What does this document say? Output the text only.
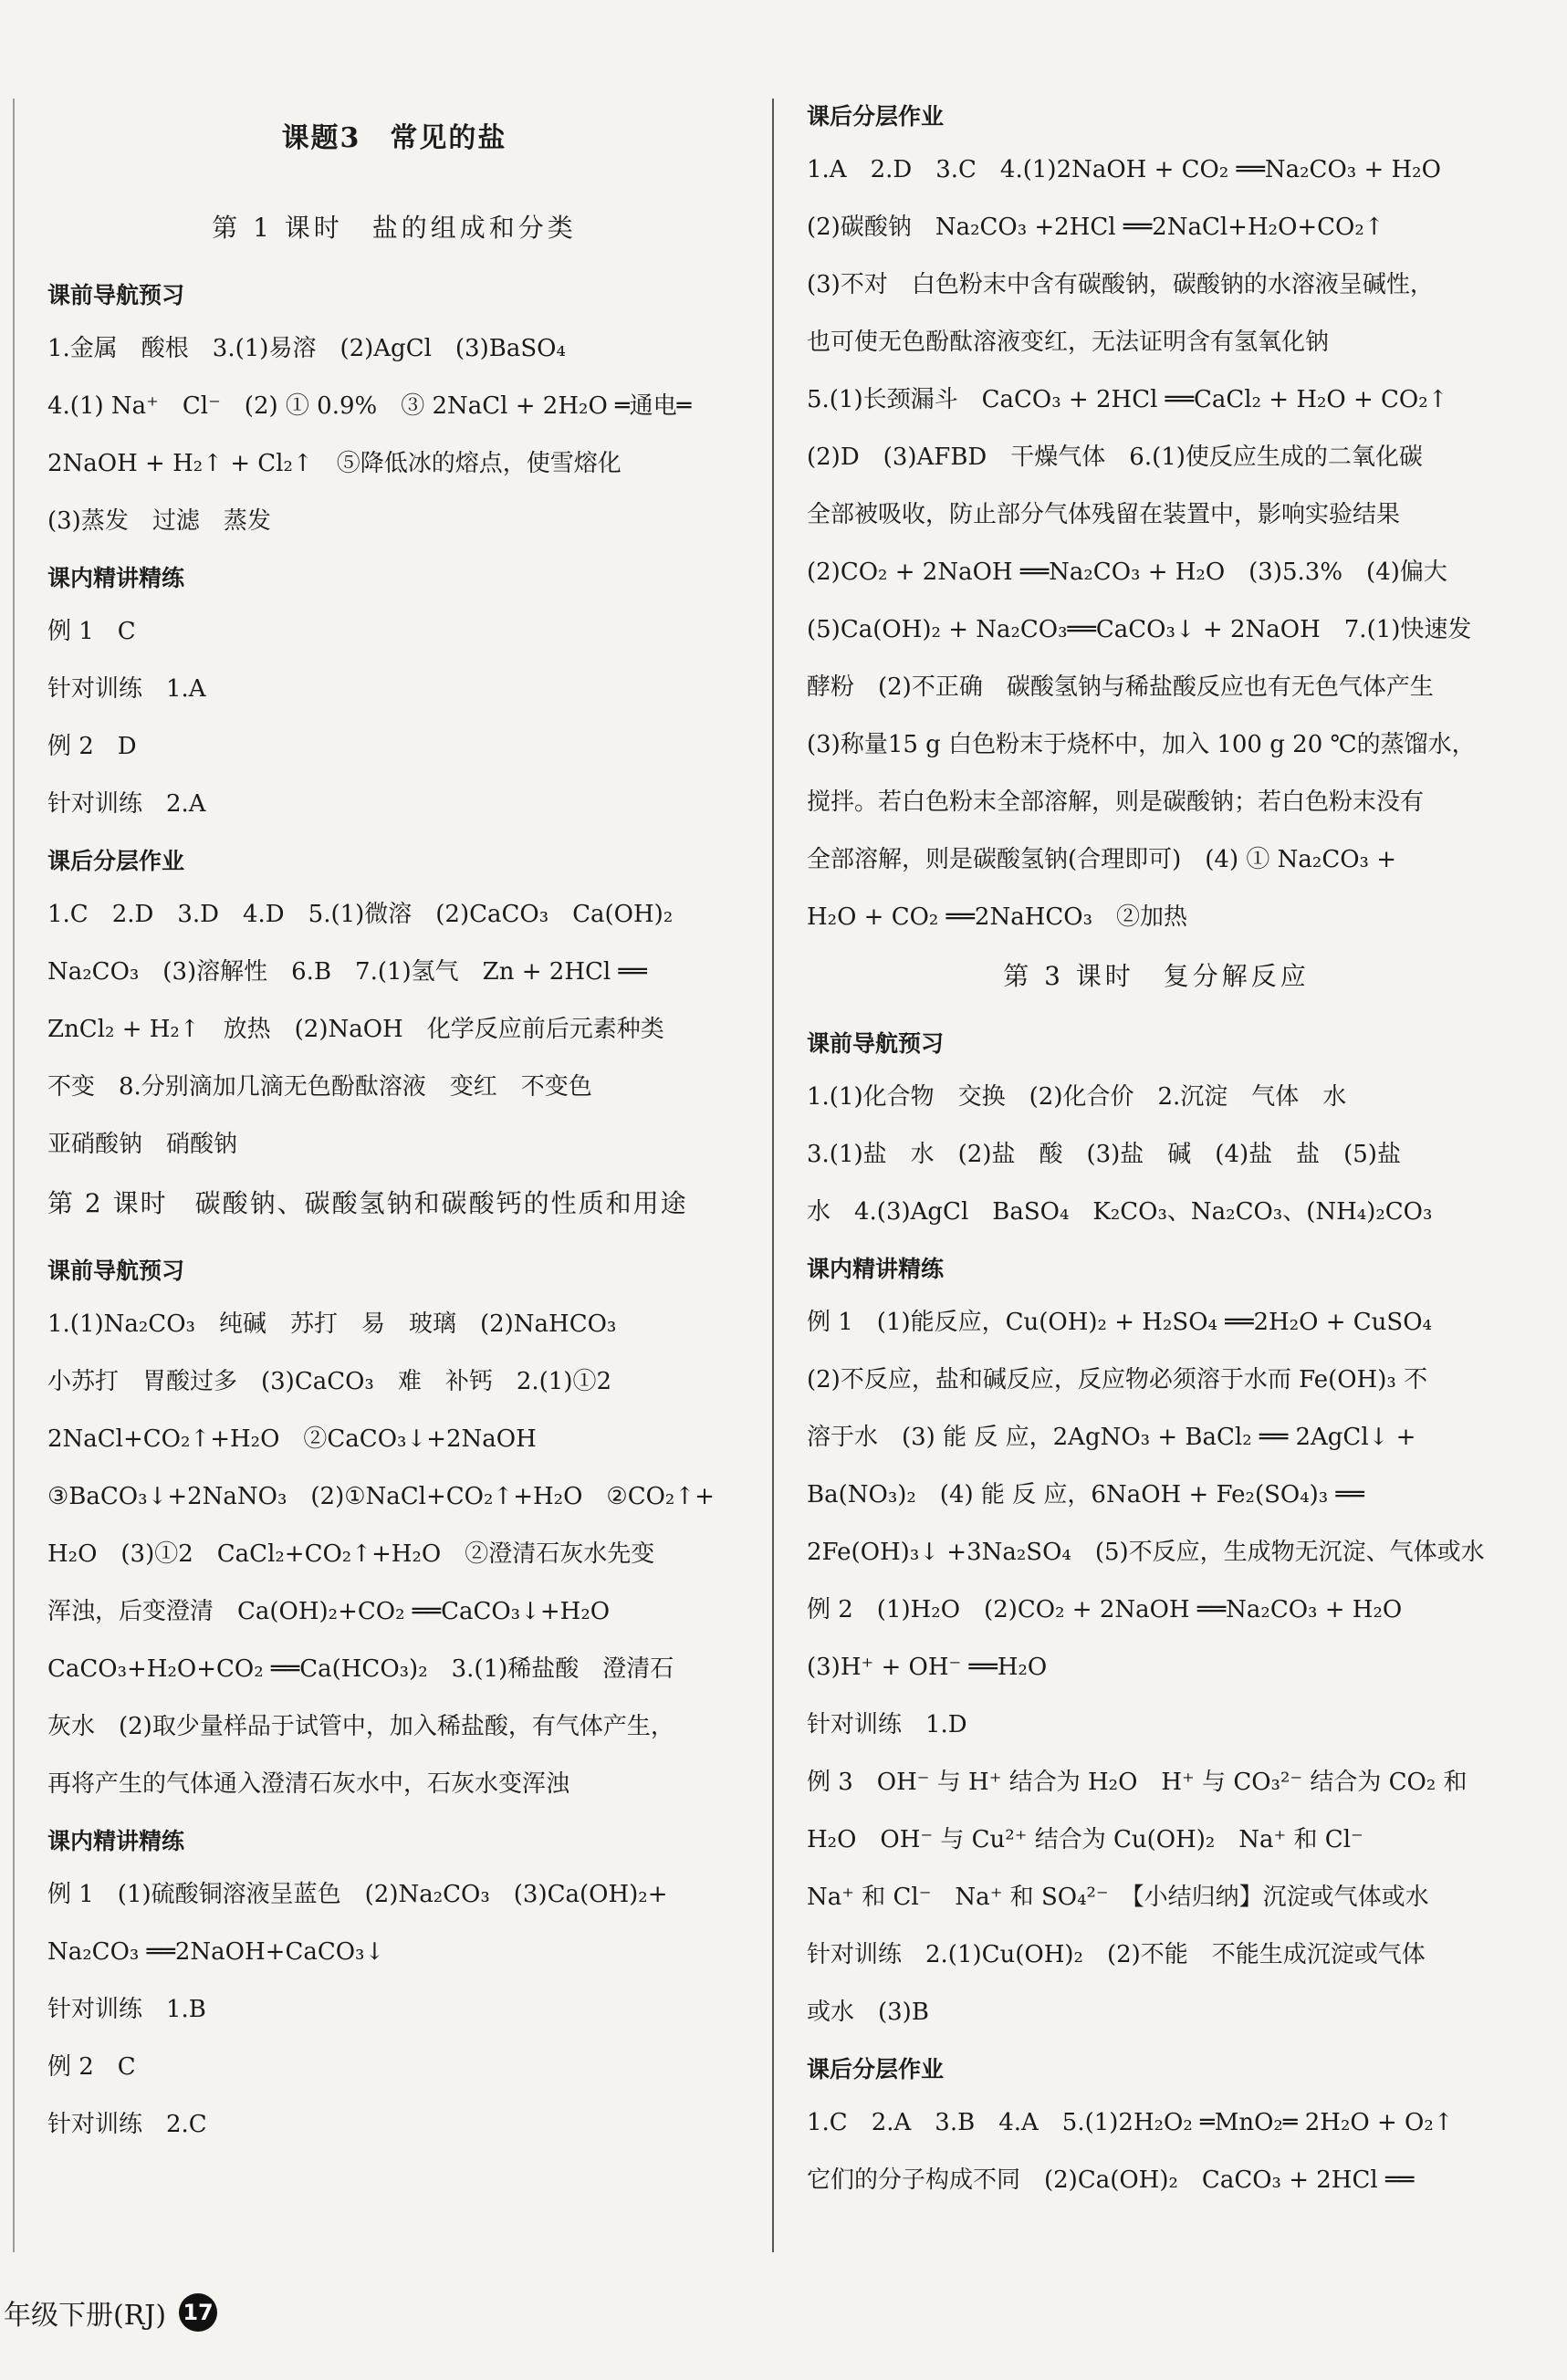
课题3　常见的盐
第 1 课时　盐的组成和分类
课前导航预习
1.金属　酸根　3.(1)易溶　(2)AgCl　(3)BaSO₄
4.(1) Na⁺　Cl⁻　(2) ① 0.9%　③ 2NaCl + 2H₂O ═通电═
2NaOH + H₂↑ + Cl₂↑　⑤降低冰的熔点，使雪熔化
(3)蒸发　过滤　蒸发
课内精讲精练
例 1　C
针对训练　1.A
例 2　D
针对训练　2.A
课后分层作业
1.C　2.D　3.D　4.D　5.(1)微溶　(2)CaCO₃　Ca(OH)₂
Na₂CO₃　(3)溶解性　6.B　7.(1)氢气　Zn + 2HCl ══
ZnCl₂ + H₂↑　放热　(2)NaOH　化学反应前后元素种类
不变　8.分别滴加几滴无色酚酞溶液　变红　不变色
亚硝酸钠　硝酸钠
第 2 课时　碳酸钠、碳酸氢钠和碳酸钙的性质和用途
课前导航预习
1.(1)Na₂CO₃　纯碱　苏打　易　玻璃　(2)NaHCO₃
小苏打　胃酸过多　(3)CaCO₃　难　补钙　2.(1)①2
2NaCl+CO₂↑+H₂O　②CaCO₃↓+2NaOH
③BaCO₃↓+2NaNO₃　(2)①NaCl+CO₂↑+H₂O　②CO₂↑+
H₂O　(3)①2　CaCl₂+CO₂↑+H₂O　②澄清石灰水先变
浑浊，后变澄清　Ca(OH)₂+CO₂ ══CaCO₃↓+H₂O
CaCO₃+H₂O+CO₂ ══Ca(HCO₃)₂　3.(1)稀盐酸　澄清石
灰水　(2)取少量样品于试管中，加入稀盐酸，有气体产生，
再将产生的气体通入澄清石灰水中，石灰水变浑浊
课内精讲精练
例 1　(1)硫酸铜溶液呈蓝色　(2)Na₂CO₃　(3)Ca(OH)₂+
Na₂CO₃ ══2NaOH+CaCO₃↓
针对训练　1.B
例 2　C
针对训练　2.C
课后分层作业
1.A　2.D　3.C　4.(1)2NaOH + CO₂ ══Na₂CO₃ + H₂O
(2)碳酸钠　Na₂CO₃ +2HCl ══2NaCl+H₂O+CO₂↑
(3)不对　白色粉末中含有碳酸钠，碳酸钠的水溶液呈碱性，
也可使无色酚酞溶液变红，无法证明含有氢氧化钠
5.(1)长颈漏斗　CaCO₃ + 2HCl ══CaCl₂ + H₂O + CO₂↑
(2)D　(3)AFBD　干燥气体　6.(1)使反应生成的二氧化碳
全部被吸收，防止部分气体残留在装置中，影响实验结果
(2)CO₂ + 2NaOH ══Na₂CO₃ + H₂O　(3)5.3%　(4)偏大
(5)Ca(OH)₂ + Na₂CO₃══CaCO₃↓ + 2NaOH　7.(1)快速发
酵粉　(2)不正确　碳酸氢钠与稀盐酸反应也有无色气体产生
(3)称量15 g 白色粉末于烧杯中，加入 100 g 20 ℃的蒸馏水，
搅拌。若白色粉末全部溶解，则是碳酸钠；若白色粉末没有
全部溶解，则是碳酸氢钠(合理即可)　(4) ① Na₂CO₃ +
H₂O + CO₂ ══2NaHCO₃　②加热
第 3 课时　复分解反应
课前导航预习
1.(1)化合物　交换　(2)化合价　2.沉淀　气体　水
3.(1)盐　水　(2)盐　酸　(3)盐　碱　(4)盐　盐　(5)盐
水　4.(3)AgCl　BaSO₄　K₂CO₃、Na₂CO₃、(NH₄)₂CO₃
课内精讲精练
例 1　(1)能反应，Cu(OH)₂ + H₂SO₄ ══2H₂O + CuSO₄
(2)不反应，盐和碱反应，反应物必须溶于水而 Fe(OH)₃ 不
溶于水　(3) 能 反 应，2AgNO₃ + BaCl₂ ══ 2AgCl↓ +
Ba(NO₃)₂　(4) 能 反 应，6NaOH + Fe₂(SO₄)₃ ══
2Fe(OH)₃↓ +3Na₂SO₄　(5)不反应，生成物无沉淀、气体或水
例 2　(1)H₂O　(2)CO₂ + 2NaOH ══Na₂CO₃ + H₂O
(3)H⁺ + OH⁻ ══H₂O
针对训练　1.D
例 3　OH⁻ 与 H⁺ 结合为 H₂O　H⁺ 与 CO₃²⁻ 结合为 CO₂ 和
H₂O　OH⁻ 与 Cu²⁺ 结合为 Cu(OH)₂　Na⁺ 和 Cl⁻
Na⁺ 和 Cl⁻　Na⁺ 和 SO₄²⁻　【小结归纳】沉淀或气体或水
针对训练　2.(1)Cu(OH)₂　(2)不能　不能生成沉淀或气体
或水　(3)B
课后分层作业
1.C　2.A　3.B　4.A　5.(1)2H₂O₂ ═MnO₂═ 2H₂O + O₂↑
它们的分子构成不同　(2)Ca(OH)₂　CaCO₃ + 2HCl ══
年级下册(RJ) 17
